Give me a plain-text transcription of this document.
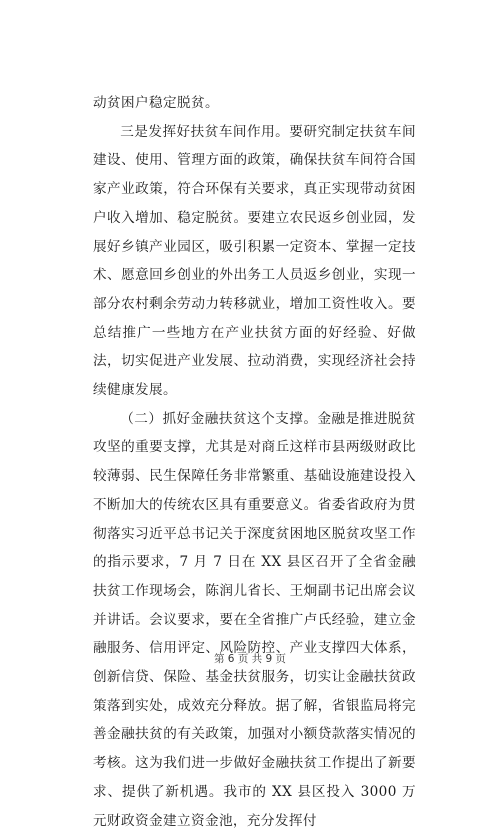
动贫困户稳定脱贫。

三是发挥好扶贫车间作用。要研究制定扶贫车间建设、使用、管理方面的政策，确保扶贫车间符合国家产业政策，符合环保有关要求，真正实现带动贫困户收入增加、稳定脱贫。要建立农民返乡创业园，发展好乡镇产业园区，吸引积累一定资本、掌握一定技术、愿意回乡创业的外出务工人员返乡创业，实现一部分农村剩余劳动力转移就业，增加工资性收入。要总结推广一些地方在产业扶贫方面的好经验、好做法，切实促进产业发展、拉动消费，实现经济社会持续健康发展。

（二）抓好金融扶贫这个支撑。金融是推进脱贫攻坚的重要支撑，尤其是对商丘这样市县两级财政比较薄弱、民生保障任务非常繁重、基础设施建设投入不断加大的传统农区具有重要意义。省委省政府为贯彻落实习近平总书记关于深度贫困地区脱贫攻坚工作的指示要求，7 月 7 日在 XX 县区召开了全省金融扶贫工作现场会，陈润儿省长、王炯副书记出席会议并讲话。会议要求，要在全省推广卢氏经验，建立金融服务、信用评定、风险防控、产业支撑四大体系，创新信贷、保险、基金扶贫服务，切实让金融扶贫政策落到实处，成效充分释放。据了解，省银监局将完善金融扶贫的有关政策，加强对小额贷款落实情况的考核。这为我们进一步做好金融扶贫工作提出了新要求、提供了新机遇。我市的 XX 县区投入 3000 万元财政资金建立资金池，充分发挥付

第 6 页 共 9 页
